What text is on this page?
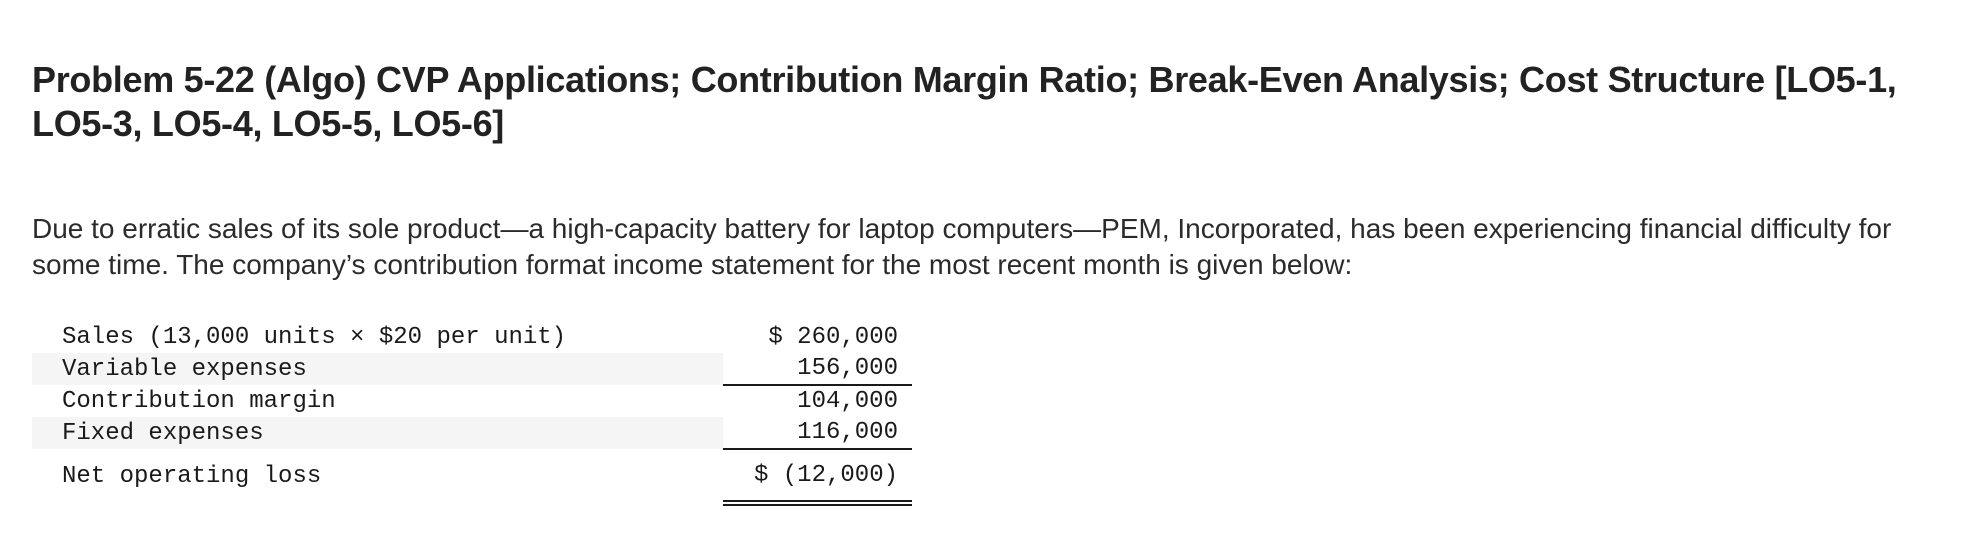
Problem 5-22 (Algo) CVP Applications; Contribution Margin Ratio; Break-Even Analysis; Cost Structure [LO5-1, LO5-3, LO5-4, LO5-5, LO5-6]
Due to erratic sales of its sole product—a high-capacity battery for laptop computers—PEM, Incorporated, has been experiencing financial difficulty for some time. The company’s contribution format income statement for the most recent month is given below:
Sales (13,000 units × $20 per unit)		$ 260,000
Variable expenses		156,000
Contribution margin		104,000
Fixed expenses		116,000
Net operating loss		$ (12,000)
